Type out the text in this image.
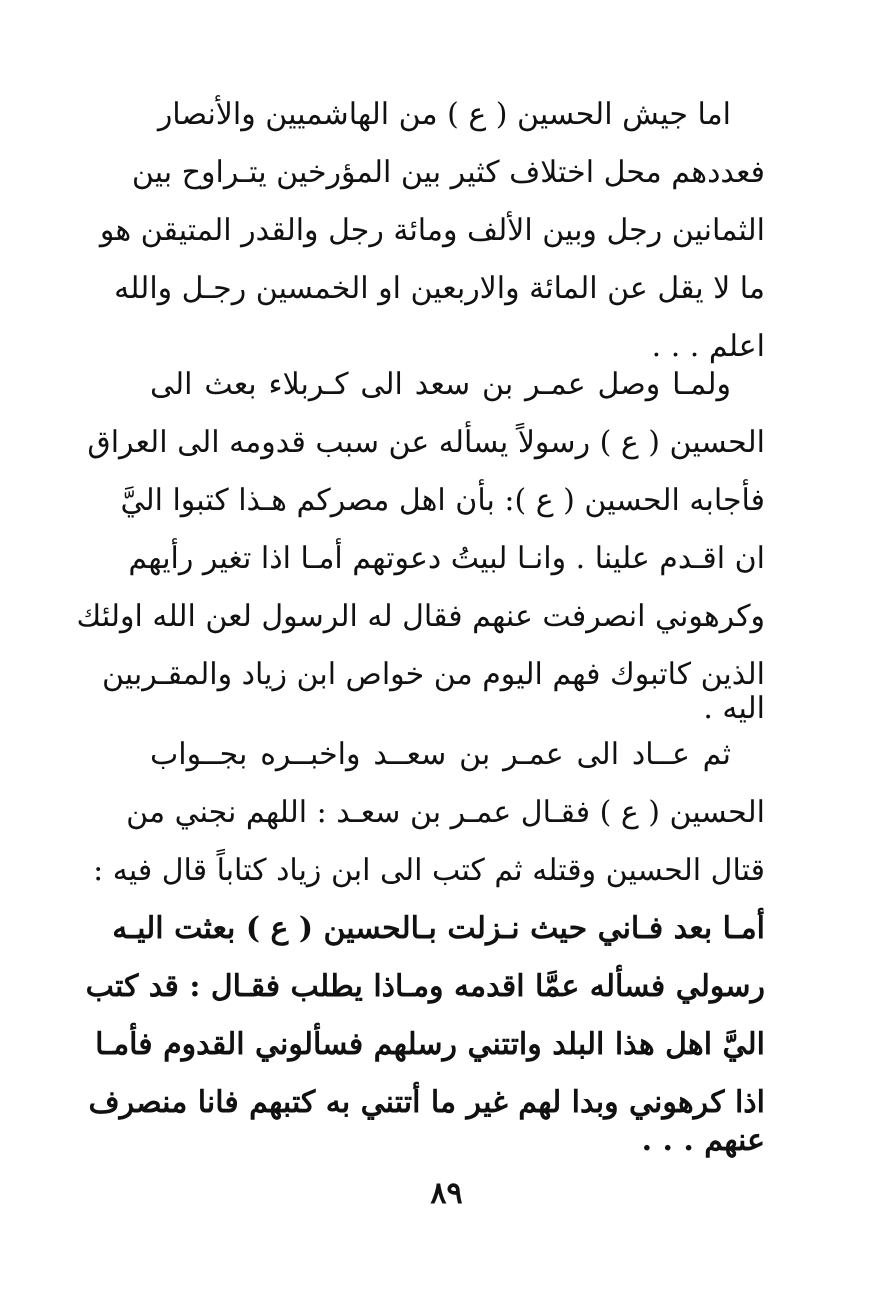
اما جيش الحسين ( ع ) من الهاشميين والأنصار
فعددهم محل اختلاف كثير بين المؤرخين يتـراوح بين
الثمانين رجل وبين الألف ومائة رجل والقدر المتيقن هو
ما لا يقل عن المائة والاربعين او الخمسين رجـل والله
اعلم . . .
ولمـا وصل عمـر بن سعد الى كـربلاء بعث الى
الحسين ( ع ) رسولاً يسأله عن سبب قدومه الى العراق
فأجابه الحسين ( ع ): بأن اهل مصركم هـذا كتبوا اليَّ
ان اقـدم علينا . وانـا لبيتُ دعوتهم أمـا اذا تغير رأيهم
وكرهوني انصرفت عنهم فقال له الرسول لعن الله اولئك
الذين كاتبوك فهم اليوم من خواص ابن زياد والمقـربين
اليه .
ثم عــاد الى عمـر بن سعــد واخبــره بجــواب
الحسين ( ع ) فقـال عمـر بن سعـد : اللهم نجني من
قتال الحسين وقتله ثم كتب الى ابن زياد كتاباً قال فيه :
أمـا بعد فـاني حيث نـزلت بـالحسين ( ع ) بعثت اليـه
رسولي فسأله عمَّا اقدمه ومـاذا يطلب فقـال : قد كتب
اليَّ اهل هذا البلد واتتني رسلهم فسألوني القدوم فأمـا
اذا كرهوني وبدا لهم غير ما أتتني به كتبهم فانا منصرف
عنهم . . .
٨٩
